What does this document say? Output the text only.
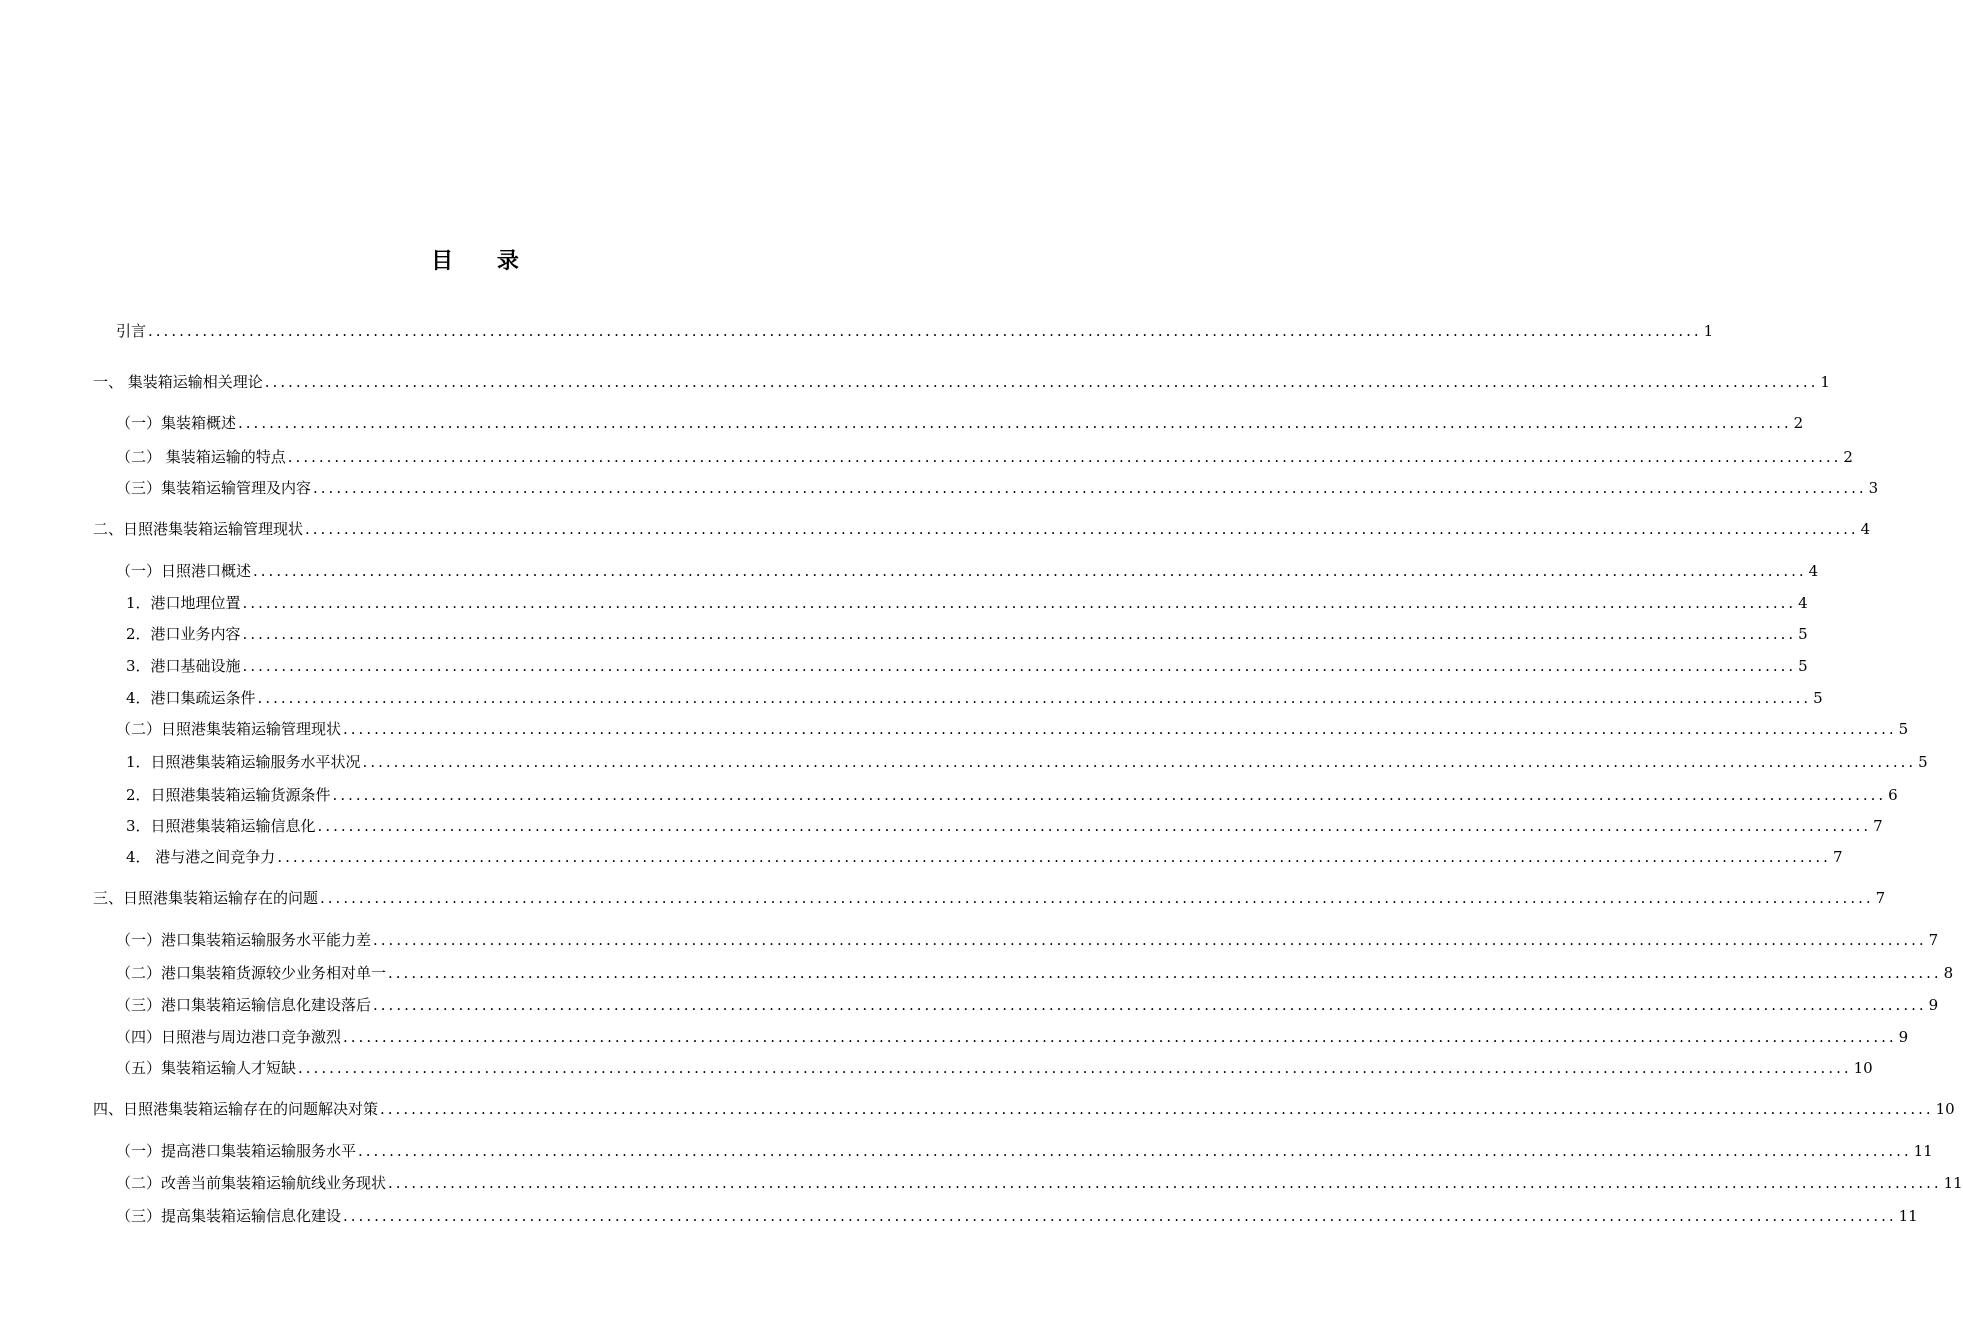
目 录
引言 ........................................................................................................................................................................................................ 1
一、 集装箱运输相关理论 ........................................................................................................................................................................................................ 1
（一）集装箱概述 ........................................................................................................................................................................................................ 2
（二） 集装箱运输的特点 ........................................................................................................................................................................................................ 2
（三）集装箱运输管理及内容 ........................................................................................................................................................................................................ 3
二、日照港集装箱运输管理现状 ........................................................................................................................................................................................................ 4
（一）日照港口概述 ........................................................................................................................................................................................................ 4
1．港口地理位置 ........................................................................................................................................................................................................ 4
2．港口业务内容 ........................................................................................................................................................................................................ 5
3．港口基础设施 ........................................................................................................................................................................................................ 5
4．港口集疏运条件 ........................................................................................................................................................................................................ 5
（二）日照港集装箱运输管理现状 ........................................................................................................................................................................................................ 5
1．日照港集装箱运输服务水平状况 ........................................................................................................................................................................................................ 5
2．日照港集装箱运输货源条件 ........................................................................................................................................................................................................ 6
3．日照港集装箱运输信息化 ........................................................................................................................................................................................................ 7
4． 港与港之间竞争力 ........................................................................................................................................................................................................ 7
三、日照港集装箱运输存在的问题 ........................................................................................................................................................................................................ 7
（一）港口集装箱运输服务水平能力差 ........................................................................................................................................................................................................ 7
（二）港口集装箱货源较少业务相对单一 ........................................................................................................................................................................................................ 8
（三）港口集装箱运输信息化建设落后 ........................................................................................................................................................................................................ 9
（四）日照港与周边港口竞争激烈 ........................................................................................................................................................................................................ 9
（五）集装箱运输人才短缺 ........................................................................................................................................................................................................ 10
四、日照港集装箱运输存在的问题解决对策 ........................................................................................................................................................................................................ 10
（一）提高港口集装箱运输服务水平 ........................................................................................................................................................................................................ 11
（二）改善当前集装箱运输航线业务现状 ........................................................................................................................................................................................................ 11
（三）提高集装箱运输信息化建设 ........................................................................................................................................................................................................ 11
